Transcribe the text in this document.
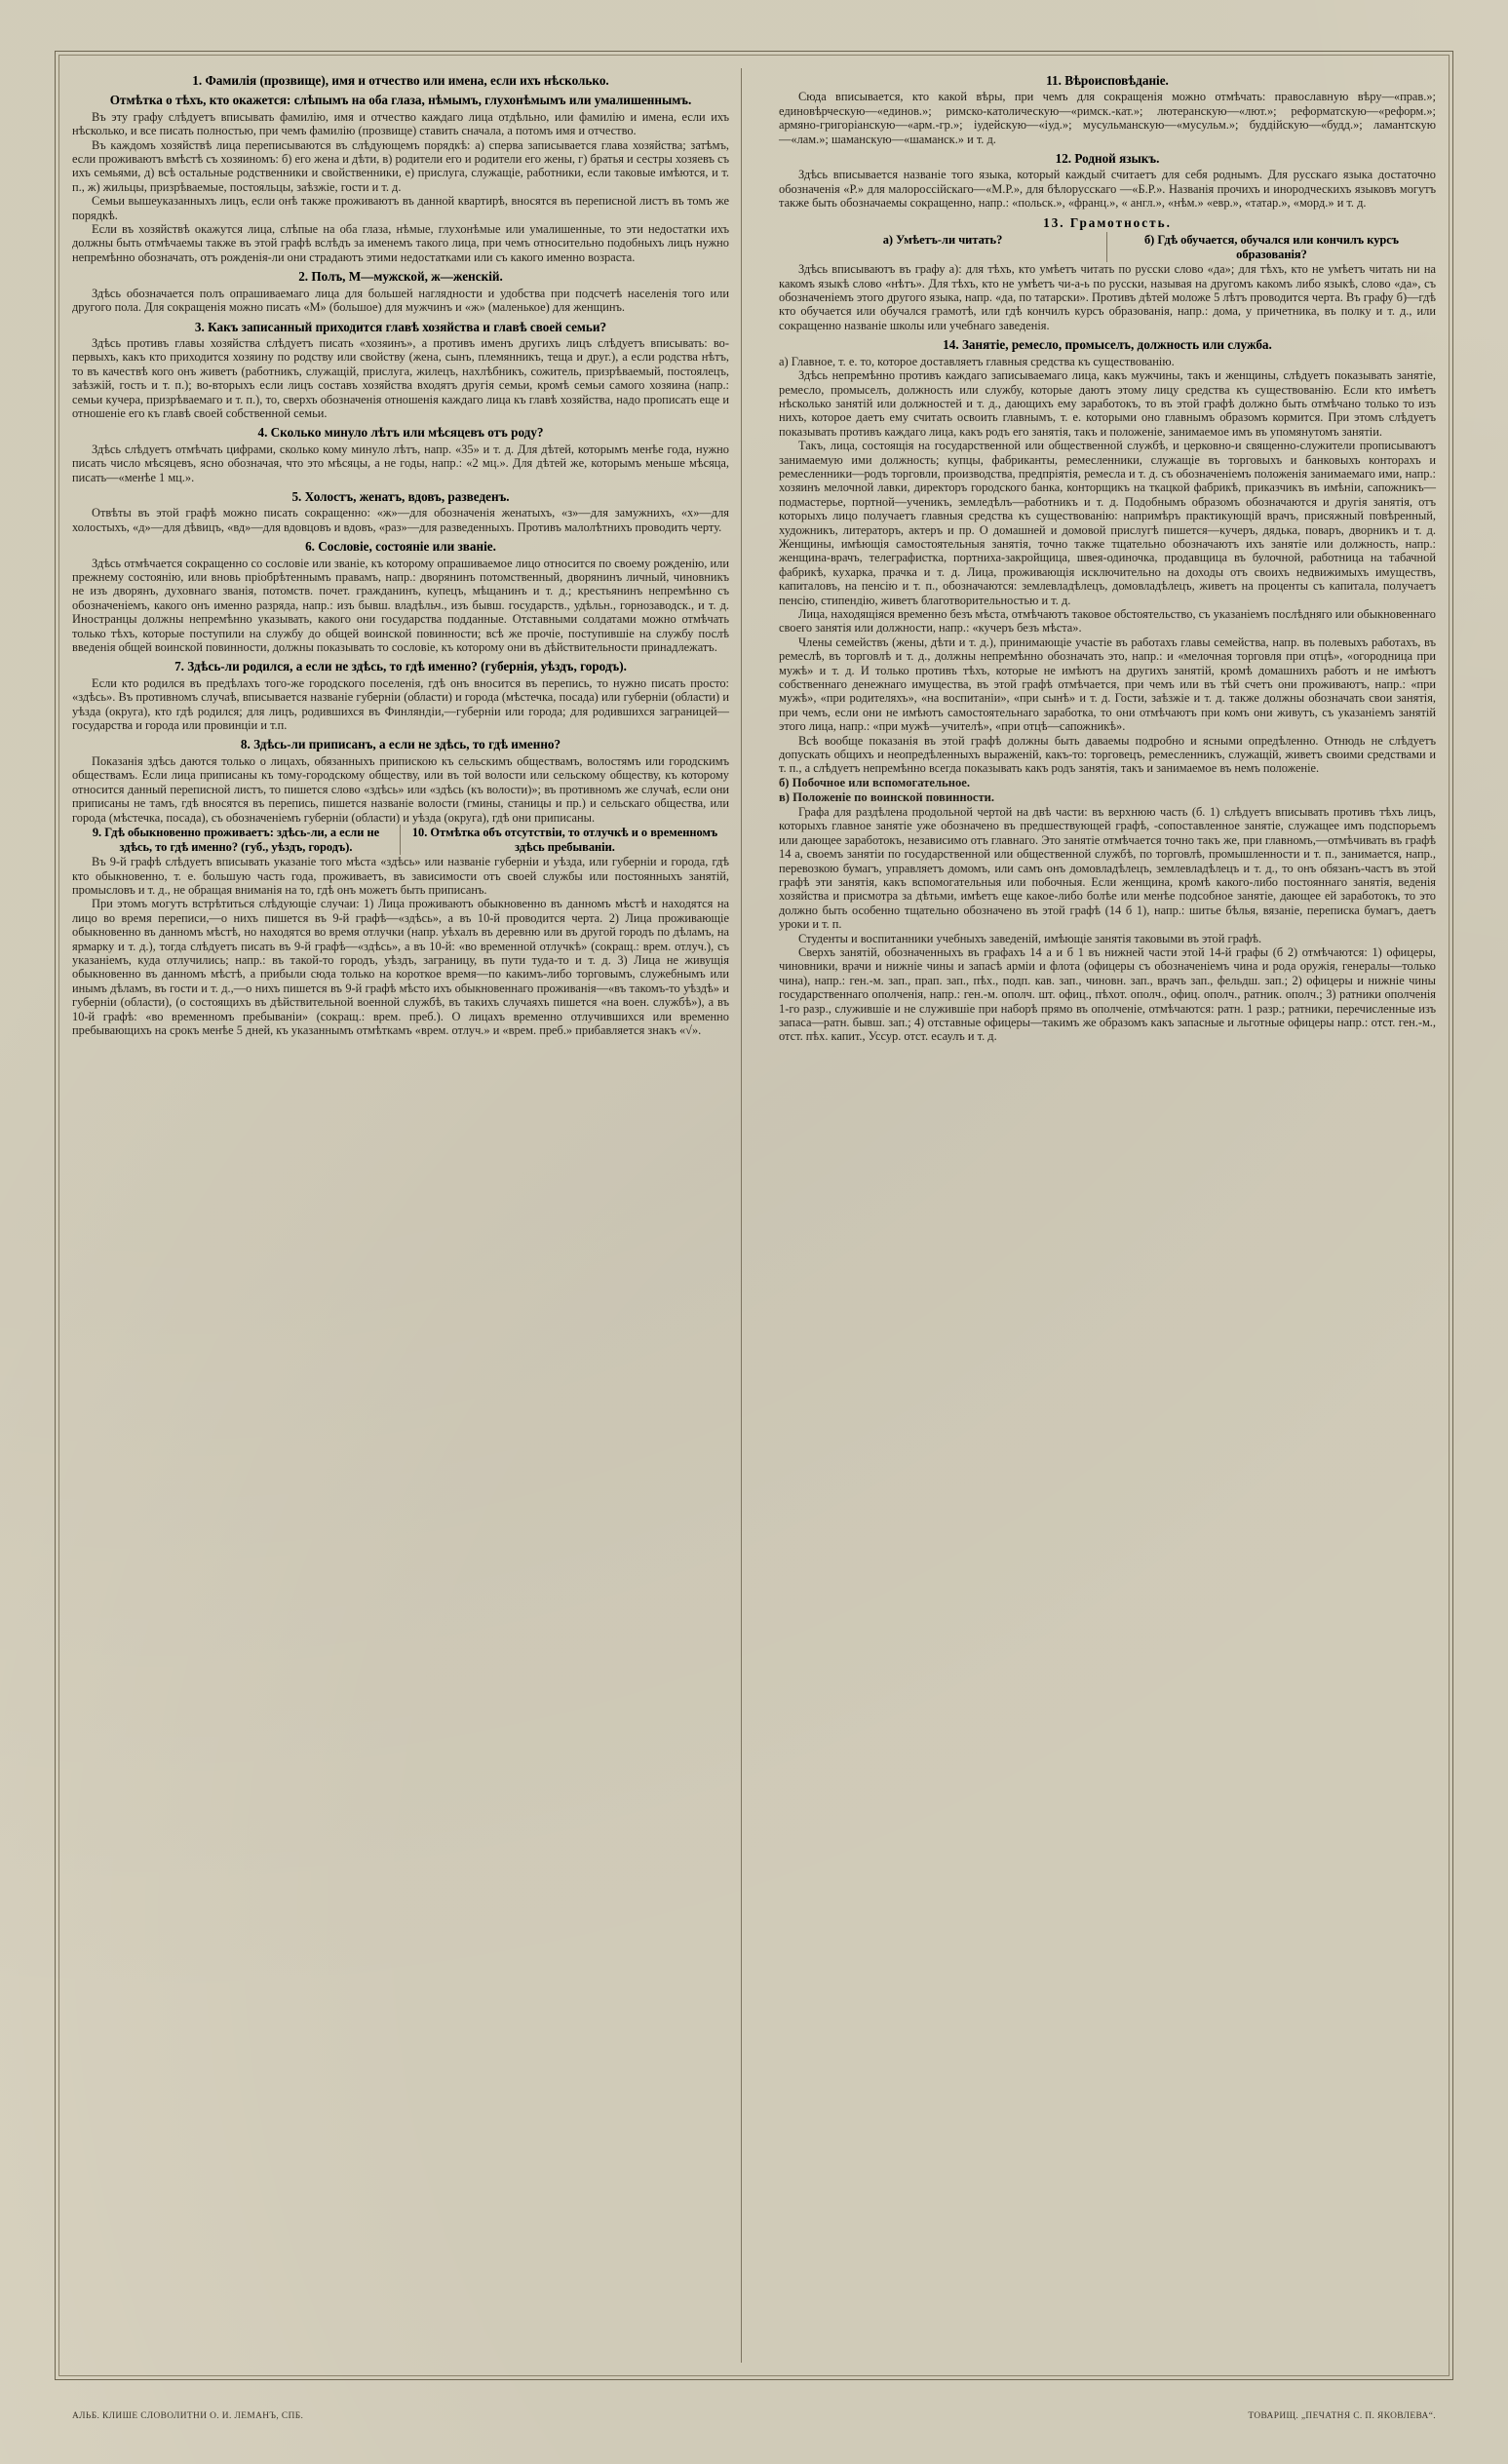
1. Фамилія (прозвище), имя и отчество или имена, если ихъ нѣсколько.
Отмѣтка о тѣхъ, кто окажется: слѣпымъ на оба глаза, нѣмымъ, глухонѣмымъ или умалишеннымъ.

Въ эту графу слѣдуетъ вписывать фамилію, имя и отчество каждаго лица отдѣльно, или фамилію и имена, если ихъ нѣсколько, и все писать полностью, при чемъ фамилію (прозвище) ставить сначала, а потомъ имя и отчество.

Въ каждомъ хозяйствѣ лица переписываются въ слѣдующемъ порядкѣ: а) сперва записывается глава хозяйства; затѣмъ, если проживаютъ вмѣстѣ съ хозяиномъ: б) его жена и дѣти, в) родители его и родители его жены, г) братья и сестры хозяевъ съ ихъ семьями, д) всѣ остальные родственники и свойственники, е) прислуга, служащіе, работники, если таковые имѣются, и т. п., ж) жильцы, призрѣваемые, постояльцы, заѣзжіе, гости и т. д.

Семьи вышеуказанныхъ лицъ, если онѣ также проживаютъ въ данной квартирѣ, вносятся въ переписной листъ въ томъ же порядкѣ.

Если въ хозяйствѣ окажутся лица, слѣпые на оба глаза, нѣмые, глухонѣмые или умалишенные, то эти недостатки ихъ должны быть отмѣчаемы также въ этой графѣ вслѣдъ за именемъ такого лица, при чемъ относительно подобныхъ лицъ нужно непремѣнно обозначать, отъ рожденія-ли они страдаютъ этими недостатками или съ какого именно возраста.

2. Полъ, М—мужской, ж—женскій.

Здѣсь обозначается полъ опрашиваемаго лица для большей наглядности и удобства при подсчетѣ населенія того или другого пола. Для сокращенія можно писать «М» (большое) для мужчинъ и «ж» (маленькое) для женщинъ.

3. Какъ записанный приходится главѣ хозяйства и главѣ своей семьи?

Здѣсь противъ главы хозяйства слѣдуетъ писать «хозяинъ», а противъ именъ другихъ лицъ слѣдуетъ вписывать: во-первыхъ, какъ кто приходится хозяину по родству или свойству (жена, сынъ, племянникъ, теща и друг.), а если родства нѣтъ, то въ качествѣ кого онъ живетъ (работникъ, служащій, прислуга, жилецъ, нахлѣбникъ, сожитель, призрѣваемый, постоялецъ, заѣзжій, гость и т. п.); во-вторыхъ если лицъ составъ хозяйства входятъ другія семьи, кромѣ семьи самого хозяина (напр.: семьи кучера, призрѣваемаго и т. п.), то, сверхъ обозначенія отношенія каждаго лица къ главѣ хозяйства, надо прописать еще и отношеніе его къ главѣ своей собственной семьи.

4. Сколько минуло лѣтъ или мѣсяцевъ отъ роду?

Здѣсь слѣдуетъ отмѣчать цифрами, сколько кому минуло лѣтъ, напр. «35» и т. д. Для дѣтей, которымъ менѣе года, нужно писать число мѣсяцевъ, ясно обозначая, что это мѣсяцы, а не годы, напр.: «2 мц.». Для дѣтей же, которымъ меньше мѣсяца, писать—«менѣе 1 мц.».

5. Холостъ, женатъ, вдовъ, разведенъ.

Отвѣты въ этой графѣ можно писать сокращенно: «ж»—для обозначенія женатыхъ, «з»—для замужнихъ, «х»—для холостыхъ, «д»—для дѣвицъ, «вд»—для вдовцовъ и вдовъ, «раз»—для разведенныхъ. Противъ малолѣтнихъ проводить черту.

6. Сословіе, состояніе или званіе.

Здѣсь отмѣчается сокращенно со сословіе или званіе, къ которому опрашиваемое лицо относится по своему рожденію, или прежнему состоянію, или вновь пріобрѣтеннымъ правамъ, напр.: дворянинъ потомственный, дворянинъ личный, чиновникъ не изъ дворянъ, духовнаго званія, потомств. почет. гражданинъ, купецъ, мѣщанинъ и т. д.; крестьянинъ непремѣнно съ обозначеніемъ, какого онъ именно разряда, напр.: изъ бывш. владѣльч., изъ бывш. государств., удѣльн., горнозаводск., и т. д. Иностранцы должны непремѣнно указывать, какого они государства подданные. Отставными солдатами можно отмѣчать только тѣхъ, которые поступили на службу до общей воинской повинности; всѣ же прочіе, поступившіе на службу послѣ введенія общей воинской повинности, должны показывать то сословіе, къ которому они въ дѣйствительности принадлежатъ.

7. Здѣсь-ли родился, а если не здѣсь, то гдѣ именно? (губернія, уѣздъ, городъ).

Если кто родился въ предѣлахъ того-же городского поселенія, гдѣ онъ вносится въ перепись, то нужно писать просто: «здѣсь». Въ противномъ случаѣ, вписывается названіе губерніи (области) и города (мѣстечка, посада) или губерніи (области) и уѣзда (округа), кто гдѣ родился; для лицъ, родившихся въ Финляндіи,—губерніи или города; для родившихся заграницей—государства и города или провинціи и т.п.

8. Здѣсь-ли приписанъ, а если не здѣсь, то гдѣ именно?

Показанія здѣсь даются только о лицахъ, обязанныхъ припискою къ сельскимъ обществамъ, волостямъ или городскимъ обществамъ. Если лица приписаны къ тому-городскому обществу, или въ той волости или сельскому обществу, къ которому относится данный переписной листъ, то пишется слово «здѣсь» или «здѣсь (къ волости)»; въ противномъ же случаѣ, если они приписаны не тамъ, гдѣ вносятся въ перепись, пишется названіе волости (гмины, станицы и пр.) и сельскаго общества, или города (мѣстечка, посада), съ обозначеніемъ губерніи (области) и уѣзда (округа), гдѣ они приписаны.

9. Гдѣ обыкновенно проживаетъ: здѣсь-ли, а если не здѣсь, то гдѣ именно? (губ., уѣздъ, городъ).
10. Отмѣтка объ отсутствіи, то отлучкѣ и о временномъ здѣсь пребываніи.

Въ 9-й графѣ слѣдуетъ вписывать указаніе того мѣста «здѣсь» или названіе губерніи и уѣзда, или губерніи и города, гдѣ кто обыкновенно, т. е. большую часть года, проживаетъ, въ зависимости отъ своей службы или постоянныхъ занятій, промысловъ и т. д., не обращая вниманія на то, гдѣ онъ можетъ быть приписанъ.

При этомъ могутъ встрѣтиться слѣдующіе случаи: 1) Лица проживаютъ обыкновенно въ данномъ мѣстѣ и находятся на лицо во время переписи,—о нихъ пишется въ 9-й графѣ—«здѣсь», а въ 10-й проводится черта. 2) Лица проживающіе обыкновенно въ данномъ мѣстѣ, но находятся во время отлучки (напр. уѣхалъ въ деревню или въ другой городъ по дѣламъ, на ярмарку и т. д.), тогда слѣдуетъ писать въ 9-й графѣ—«здѣсь», а въ 10-й: «во временной отлучкѣ» (сокращ.: врем. отлуч.), съ указаніемъ, куда отлучились; напр.: въ такой-то городъ, уѣздъ, заграницу, въ пути туда-то и т. д. 3) Лица не живущія обыкновенно въ данномъ мѣстѣ, а прибыли сюда только на короткое время—по какимъ-либо торговымъ, служебнымъ или инымъ дѣламъ, въ гости и т. д.,—о нихъ пишется въ 9-й графѣ мѣсто ихъ обыкновеннаго проживанія—«въ такомъ-то уѣздѣ» и губерніи (области), (о состоящихъ въ дѣйствительной военной службѣ, въ такихъ случаяхъ пишется «на воен. службѣ»), а въ 10-й графѣ: «во временномъ пребываніи» (сокращ.: врем. преб.). О лицахъ временно отлучившихся или временно пребывающихъ на срокъ менѣе 5 дней, къ указаннымъ отмѣткамъ «врем. отлуч.» и «врем. преб.» прибавляется знакъ «√».

11. Вѣроисповѣданіе.

Сюда вписывается, кто какой вѣры, при чемъ для сокращенія можно отмѣчать: православную вѣру—«прав.»; единовѣрческую—«единов.»; римско-католическую—«римск.-кат.»; лютеранскую—«лют.»; реформатскую—«реформ.»; армяно-григоріанскую—«арм.-гр.»; іудейскую—«іуд.»; мусульманскую—«мусульм.»; буддійскую—«будд.»; ламантскую—«лам.»; шаманскую—«шаманск.» и т. д.

12. Родной языкъ.

Здѣсь вписывается названіе того языка, который каждый считаетъ для себя роднымъ. Для русскаго языка достаточно обозначенія «Р.» для малороссійскаго—«М.Р.», для бѣлорусскаго —«Б.Р.». Названія прочихъ и инородческихъ языковъ могутъ также быть обозначаемы сокращенно, напр.: «польск.», «франц.», « англ.», «нѣм.» «евр.», «татар.», «морд.» и т. д.

13. Грамотность.
а) Умѣетъ-ли читать?	б) Гдѣ обучается, обучался или кончилъ курсъ образованія?

Здѣсь вписываютъ въ графу а): для тѣхъ, кто умѣетъ читать по русски слово «да»; для тѣхъ, кто не умѣетъ читать ни на какомъ языкѣ слово «нѣтъ». Для тѣхъ, кто не умѣетъ чи-а-ь по русски, называя на другомъ какомъ либо языкѣ, слово «да», съ обозначеніемъ этого другого языка, напр. «да, по татарски». Противъ дѣтей моложе 5 лѣтъ проводится черта. Въ графу б)—гдѣ кто обучается или обучался грамотѣ, или гдѣ кончилъ курсъ образованія, напр.: дома, у причетника, въ полку и т. д., или сокращенно названіе школы или учебнаго заведенія.

14. Занятіе, ремесло, промыселъ, должность или служба.

а) Главное, т. е. то, которое доставляетъ главныя средства къ существованію.

Здѣсь непремѣнно противъ каждаго записываемаго лица, какъ мужчины, такъ и женщины, слѣдуетъ показывать занятіе, ремесло, промыселъ, должность или службу, которые даютъ этому лицу средства къ существованію. Если кто имѣетъ нѣсколько занятій или должностей и т. д., дающихъ ему заработокъ, то въ этой графѣ должно быть отмѣчано только то изъ нихъ, которое даетъ ему считать освоить главнымъ, т. е. которыми оно главнымъ образомъ кормится. При этомъ слѣдуетъ показывать противъ каждаго лица, какъ родъ его занятія, такъ и положеніе, занимаемое имъ въ упомянутомъ занятіи.

Такъ, лица, состоящія на государственной или общественной службѣ, и церковно-и священно-служители прописываютъ занимаемую ими должность; купцы, фабриканты, ремесленники, служащіе въ торговыхъ и банковыхъ конторахъ и ремесленники—родъ торговли, производства, предпріятія, ремесла и т. д. съ обозначеніемъ положенія занимаемаго ими, напр.: хозяинъ мелочной лавки, директоръ городского банка, конторщикъ на ткацкой фабрикѣ, приказчикъ въ имѣніи, сапожникъ—подмастерье, портной—ученикъ, земледѣлъ—работникъ и т. д. Подобнымъ образомъ обозначаются и другія занятія, отъ которыхъ лицо получаетъ главныя средства къ существованію: напримѣръ практикующій врачъ, присяжный повѣренный, художникъ, литераторъ, актеръ и пр. О домашней и домовой прислугѣ пишется—кучеръ, дядька, поваръ, дворникъ и т. д. Женщины, имѣющія самостоятельныя занятія, точно также тщательно обозначаютъ ихъ занятіе или должность, напр.: женщина-врачъ, телеграфистка, портниха-закройщица, швея-одиночка, продавщица въ булочной, работница на табачной фабрикѣ, кухарка, прачка и т. д. Лица, проживающія исключительно на доходы отъ своихъ недвижимыхъ имуществъ, капиталовъ, на пенсію и т. п., обозначаются: землевладѣлецъ, домовладѣлецъ, живетъ на проценты съ капитала, получаетъ пенсію, стипендію, живетъ благотворительностью и т. д.

Лица, находящіяся временно безъ мѣста, отмѣчаютъ таковое обстоятельство, съ указаніемъ послѣдняго или обыкновеннаго своего занятія или должности, напр.: «кучеръ безъ мѣста».

Члены семействъ (жены, дѣти и т. д.), принимающіе участіе въ работахъ главы семейства, напр. въ полевыхъ работахъ, въ ремеслѣ, въ торговлѣ и т. д., должны непремѣнно обозначать это, напр.: и «мелочная торговля при отцѣ», «огородница при мужѣ» и т. д. И только противъ тѣхъ, которые не имѣютъ на другихъ занятій, кромѣ домашнихъ работъ и не имѣютъ собственнаго денежнаго имущества, въ этой графѣ отмѣчается, при чемъ или въ тѣй счетъ они проживаютъ, напр.: «при мужѣ», «при родителяхъ», «на воспитаніи», «при сынѣ» и т. д. Гости, заѣзжіе и т. д. также должны обозначать свои занятія, при чемъ, если они не имѣютъ самостоятельнаго заработка, то они отмѣчаютъ при комъ они живутъ, съ указаніемъ занятій этого лица, напр.: «при мужѣ—учителѣ», «при отцѣ—сапожникѣ».

Всѣ вообще показанія въ этой графѣ должны быть даваемы подробно и ясными опредѣленно. Отнюдь не слѣдуетъ допускать общихъ и неопредѣленныхъ выраженій, какъ-то: торговецъ, ремесленникъ, служащій, живетъ своими средствами и т. п., а слѣдуетъ непремѣнно всегда показывать какъ родъ занятія, такъ и занимаемое въ немъ положеніе.

б) Побочное или вспомогательное.

в) Положеніе по воинской повинности.

Графа для раздѣлена продольной чертой на двѣ части: въ верхнюю часть (б. 1) слѣдуетъ вписывать противъ тѣхъ лицъ, которыхъ главное занятіе уже обозначено въ предшествующей графѣ, -сопоставленное занятіе, служащее имъ подспорьемъ или дающее заработокъ, независимо отъ главнаго. Это занятіе отмѣчается точно такъ же, при главномъ,—отмѣчивать въ графѣ 14 а, своемъ занятіи по государственной или общественной службѣ, по торговлѣ, промышленности и т. п., занимается, напр., перевозкою бумагъ, управляетъ домомъ, или самъ онъ домовладѣлецъ, землевладѣлецъ и т. д., то онъ обязанъ-частъ въ этой графѣ эти занятія, какъ вспомогательныя или побочныя. Если женщина, кромѣ какого-либо постояннаго занятія, веденія хозяйства и присмотра за дѣтьми, имѣетъ еще какое-либо болѣе или менѣе подсобное занятіе, дающее ей заработокъ, то это должно быть особенно тщательно обозначено въ этой графѣ (14 б 1), напр.: шитье бѣлья, вязаніе, переписка бумагъ, даетъ уроки и т. п.

Студенты и воспитанники учебныхъ заведеній, имѣющіе занятія таковыми въ этой графѣ.

Сверхъ занятій, обозначенныхъ въ графахъ 14 а и б 1 въ нижней части этой 14-й графы (б 2) отмѣчаются: 1) офицеры, чиновники, врачи и нижніе чины и запасѣ арміи и флота (офицеры съ обозначеніемъ чина и рода оружія, генералы—только чина), напр.: ген.-м. зап., прап. зап., пѣх., подп. кав. зап., чиновн. зап., врачъ зап., фельдш. зап.; 2) офицеры и нижніе чины государственнаго ополченія, напр.: ген.-м. ополч. шт. офиц., пѣхот. ополч., офиц. ополч., ратник. ополч.; 3) ратники ополченія 1-го разр., служившіе и не служившіе при наборѣ прямо въ ополченіе, отмѣчаются: ратн. 1 разр.; ратники, перечисленные изъ запаса—ратн. бывш. зап.; 4) отставные офицеры—такимъ же образомъ какъ запасные и льготные офицеры напр.: отст. ген.-м., отст. пѣх. капит., Уссур. отст. есаулъ и т. д.

АЛЬБ. КЛИШЕ СЛОВОЛИТНИ О. И. ЛЕМАНЪ, СПБ.	ТОВАРИЩ. „ПЕЧАТНЯ С. П. ЯКОВЛЕВА“.
